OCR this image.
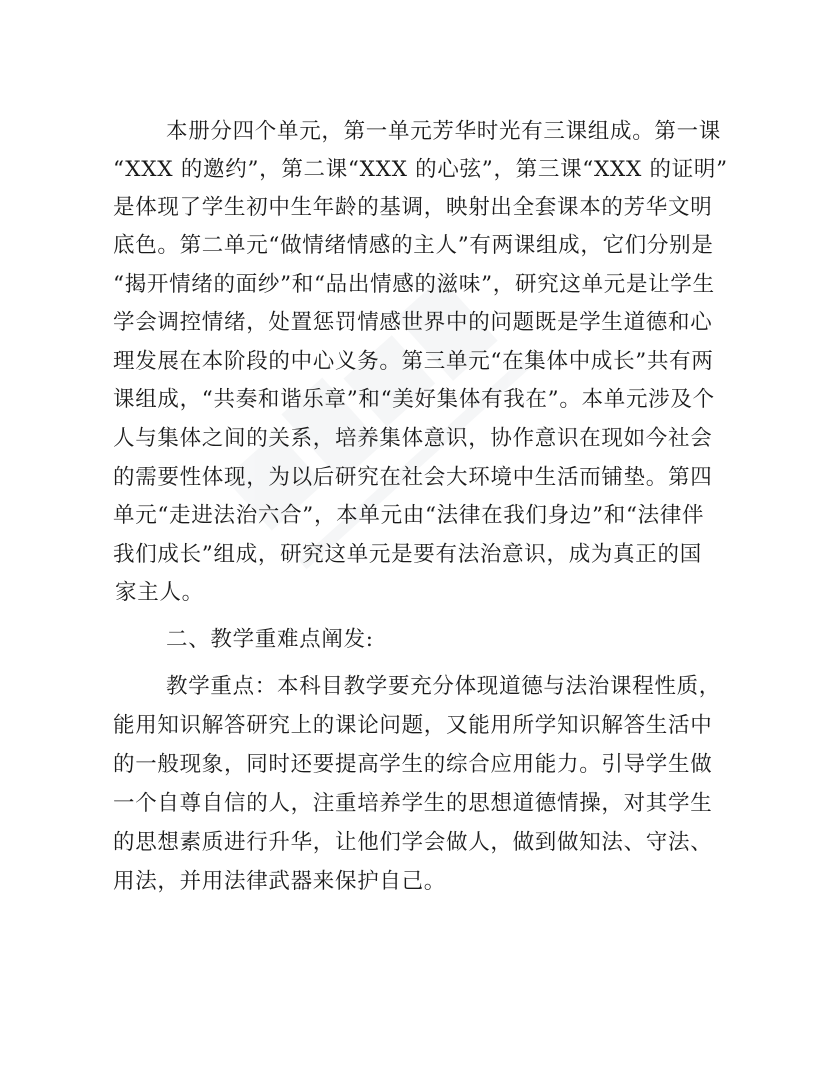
本册分四个单元，第一单元芳华时光有三课组成。第一课
“XXX 的邀约”，第二课“XXX 的心弦”，第三课“XXX 的证明”
是体现了学生初中生年龄的基调，映射出全套课本的芳华文明
底色。第二单元“做情绪情感的主人”有两课组成，它们分别是
“揭开情绪的面纱”和“品出情感的滋味”，研究这单元是让学生
学会调控情绪，处置惩罚情感世界中的问题既是学生道德和心
理发展在本阶段的中心义务。第三单元“在集体中成长”共有两
课组成，“共奏和谐乐章”和“美好集体有我在”。本单元涉及个
人与集体之间的关系，培养集体意识，协作意识在现如今社会
的需要性体现，为以后研究在社会大环境中生活而铺垫。第四
单元“走进法治六合”，本单元由“法律在我们身边”和“法律伴
我们成长”组成，研究这单元是要有法治意识，成为真正的国
家主人。
二、教学重难点阐发:
教学重点：本科目教学要充分体现道德与法治课程性质，
能用知识解答研究上的课论问题，又能用所学知识解答生活中
的一般现象，同时还要提高学生的综合应用能力。引导学生做
一个自尊自信的人，注重培养学生的思想道德情操，对其学生
的思想素质进行升华，让他们学会做人，做到做知法、守法、
用法，并用法律武器来保护自己。
